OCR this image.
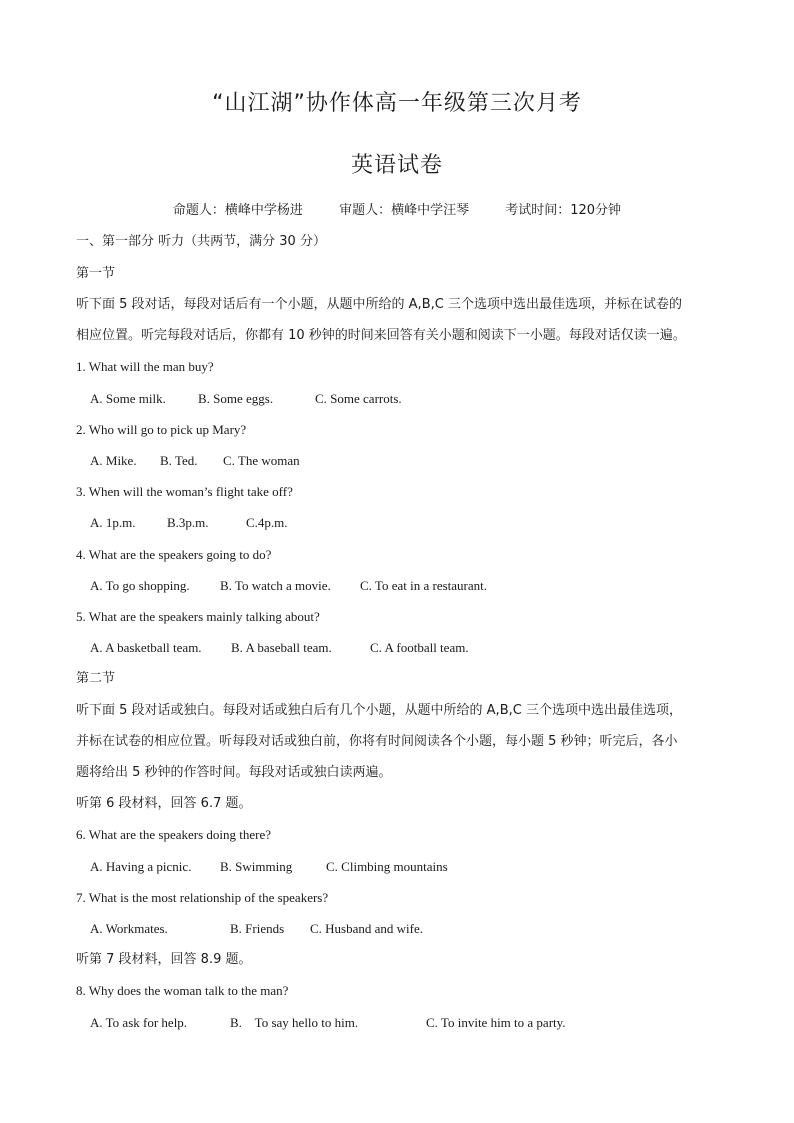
“山江湖”协作体高一年级第三次月考
英语试卷
命题人：横峰中学杨进	审题人：横峰中学汪琴	考试时间：120分钟
一、第一部分 听力（共两节，满分 30 分）
第一节
听下面 5 段对话，每段对话后有一个小题，从题中所给的 A,B,C 三个选项中选出最佳选项，并标在试卷的
相应位置。听完每段对话后，你都有 10 秒钟的时间来回答有关小题和阅读下一小题。每段对话仅读一遍。
1. What will the man buy?
A. Some milk. B. Some eggs.	C. Some carrots.
2. Who will go to pick up Mary?
A. Mike. B. Ted. C. The woman
3. When will the woman’s flight take off?
A. 1p.m. B.3p.m.	C.4p.m.
4. What are the speakers going to do?
A. To go shopping. B. To watch a movie. C. To eat in a restaurant.
5. What are the speakers mainly talking about?
A. A basketball team. B. A baseball team.	C. A football team.
第二节
听下面 5 段对话或独白。每段对话或独白后有几个小题，从题中所给的 A,B,C 三个选项中选出最佳选项，
并标在试卷的相应位置。听每段对话或独白前，你将有时间阅读各个小题，每小题 5 秒钟；听完后，各小
题将给出 5 秒钟的作答时间。每段对话或独白读两遍。
听第 6 段材料，回答 6.7 题。
6. What are the speakers doing there?
A. Having a picnic. B. Swimming	C. Climbing mountains
7. What is the most relationship of the speakers?
A. Workmates.	B. Friends C. Husband and wife.
听第 7 段材料，回答 8.9 题。
8. Why does the woman talk to the man?
A. To ask for help.	B.    To say hello to him.	C. To invite him to a party.
